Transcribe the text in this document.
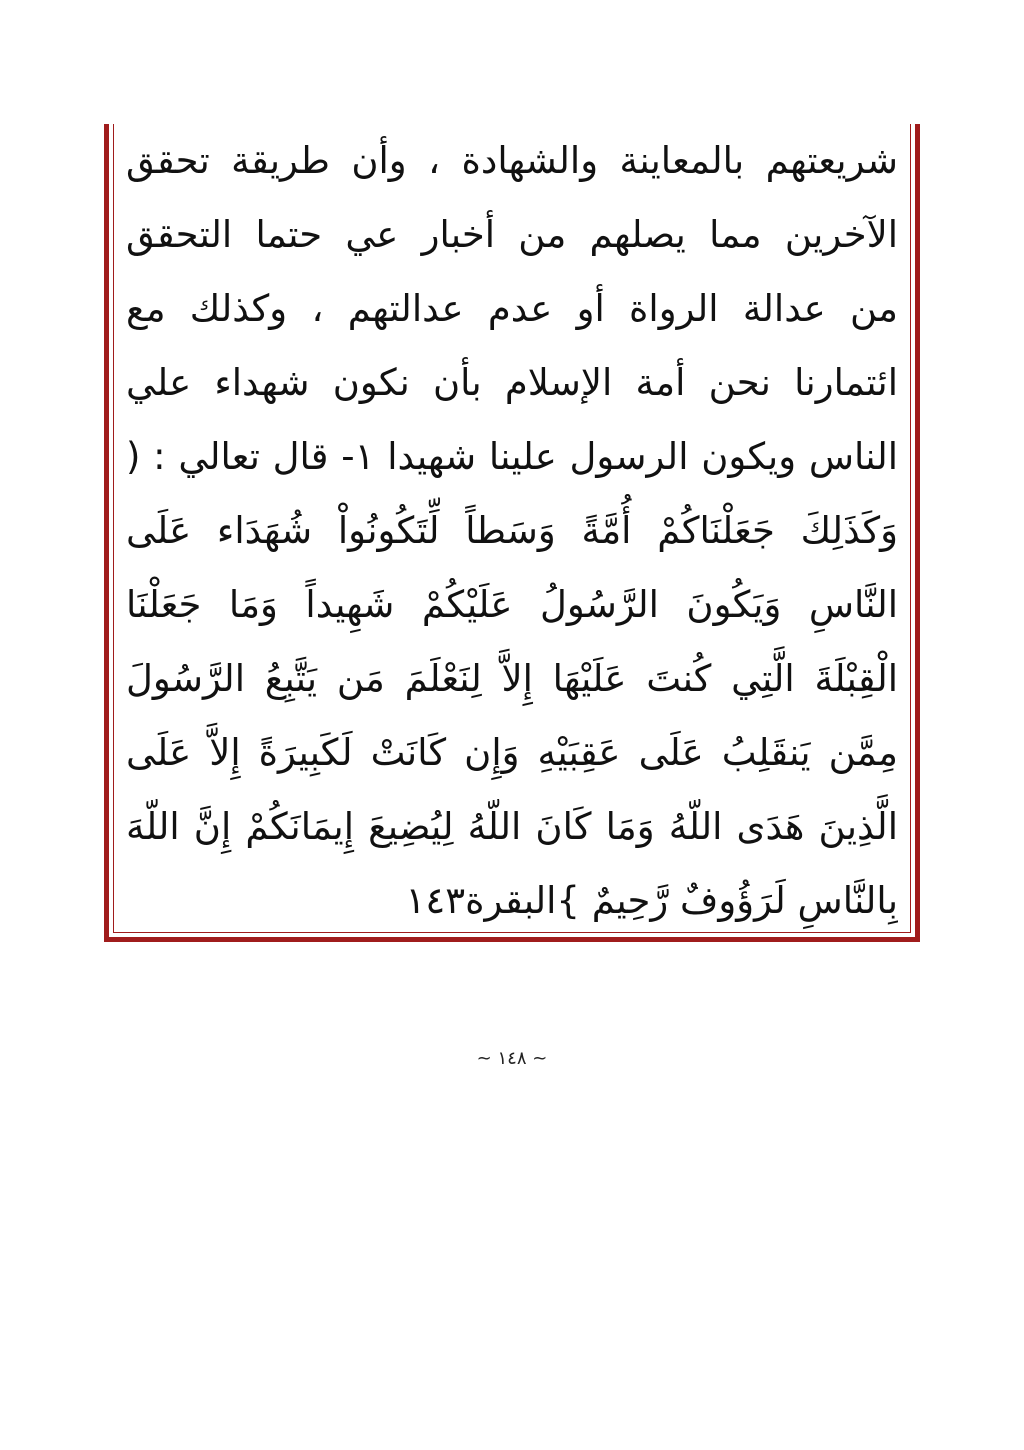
شريعتهم بالمعاينة والشهادة ، وأن طريقة تحقق
الآخرين مما يصلهم من أخبار عي حتما التحقق
من عدالة الرواة أو عدم عدالتهم ، وكذلك مع
ائتمارنا نحن أمة الإسلام بأن نكون شهداء علي
الناس ويكون الرسول علينا شهيدا ١- قال تعالي : (
وَكَذَلِكَ جَعَلْنَاكُمْ أُمَّةً وَسَطاً لِّتَكُونُواْ شُهَدَاء عَلَى
النَّاسِ وَيَكُونَ الرَّسُولُ عَلَيْكُمْ شَهِيداً وَمَا جَعَلْنَا
الْقِبْلَةَ الَّتِي كُنتَ عَلَيْهَا إِلاَّ لِنَعْلَمَ مَن يَتَّبِعُ الرَّسُولَ
مِمَّن يَنقَلِبُ عَلَى عَقِبَيْهِ وَإِن كَانَتْ لَكَبِيرَةً إِلاَّ عَلَى
الَّذِينَ هَدَى اللّهُ وَمَا كَانَ اللّهُ لِيُضِيعَ إِيمَانَكُمْ إِنَّ اللّهَ
بِالنَّاسِ لَرَؤُوفٌ رَّحِيمٌ }البقرة١٤٣
~ ١٤٨ ~
